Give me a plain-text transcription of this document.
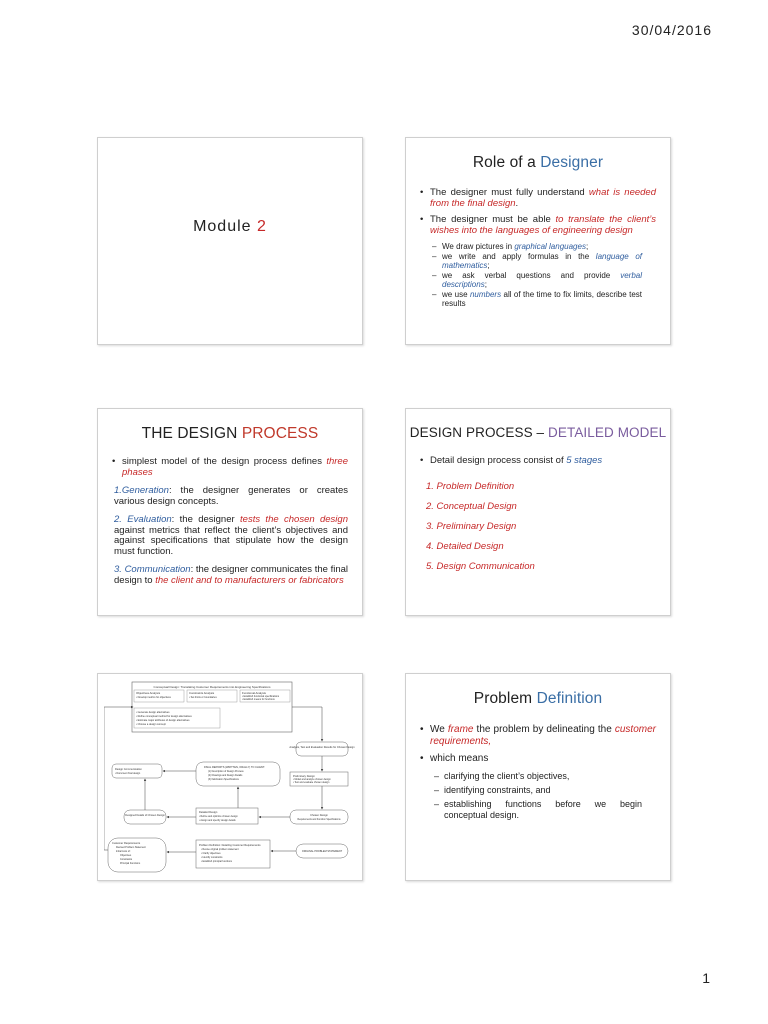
30/04/2016
Module 2
Role of a Designer
• The designer must fully understand what is needed from the final design.
• The designer must be able to translate the client’s wishes into the languages of engineering design
– We draw pictures in graphical languages;
– we write and apply formulas in the language of mathematics;
– we ask verbal questions and provide verbal descriptions;
– we use numbers all of the time to fix limits, describe test results
THE DESIGN PROCESS
• simplest model of the design process defines three phases

1.Generation: the designer generates or creates various design concepts.

2. Evaluation: the designer tests the chosen design against metrics that reflect the client’s objectives and against specifications that stipulate how the design must function.

3. Communication: the designer communicates the final design to the client and to manufacturers or fabricators

DESIGN PROCESS – DETAILED MODEL
• Detail design process consist of 5 stages
1. Problem Definition
2. Conceptual Design
3. Preliminary Design
4. Detailed Design
5. Design Communication
Conceptual Design: Translating Customer Requirements into Engineering Specifications
Objectives Analysis
• Develop metrics for objectives
Constraints Analysis
• Set limits or boundaries
Functional Analysis
• Establish functional specifications
• Establish means for functions
• Generate design alternatives
• Refine conceptual method for design alternatives
• Estimate major attributes of design alternatives
• Choose a design concept
Analysis, Test and Evaluation Results for Chosen Design
Design Communication
• Document final design
FINAL REPORTS (WRITTEN, ORALLY) TO CLIENT:
(1) Description of Design Process
(2) Drawings and Design Details
(3) Fabrication Specifications
Preliminary Design
• Model and analyze chosen design
• Test and evaluate chosen design
Detailed Design
• Refine and optimize chosen design
• Assign and specify design details
Chosen Design
Requirements and Function Specifications
Designed Details of Chosen Design
Customer Requirements
Revised Problem Statement
Initial Lists of:
Objectives
Constraints
Principal Functions
Problem Definition: Detailing Customer Requirements
• Revise original problem statement
• Clarify objectives
• Identify constraints
• Establish principal functions
ORIGINAL PROBLEM STATEMENT
Problem Definition
• We frame the problem by delineating the customer requirements,
• which means
– clarifying the client’s objectives,
– identifying constraints, and
– establishing functions before we begin conceptual design.
1
